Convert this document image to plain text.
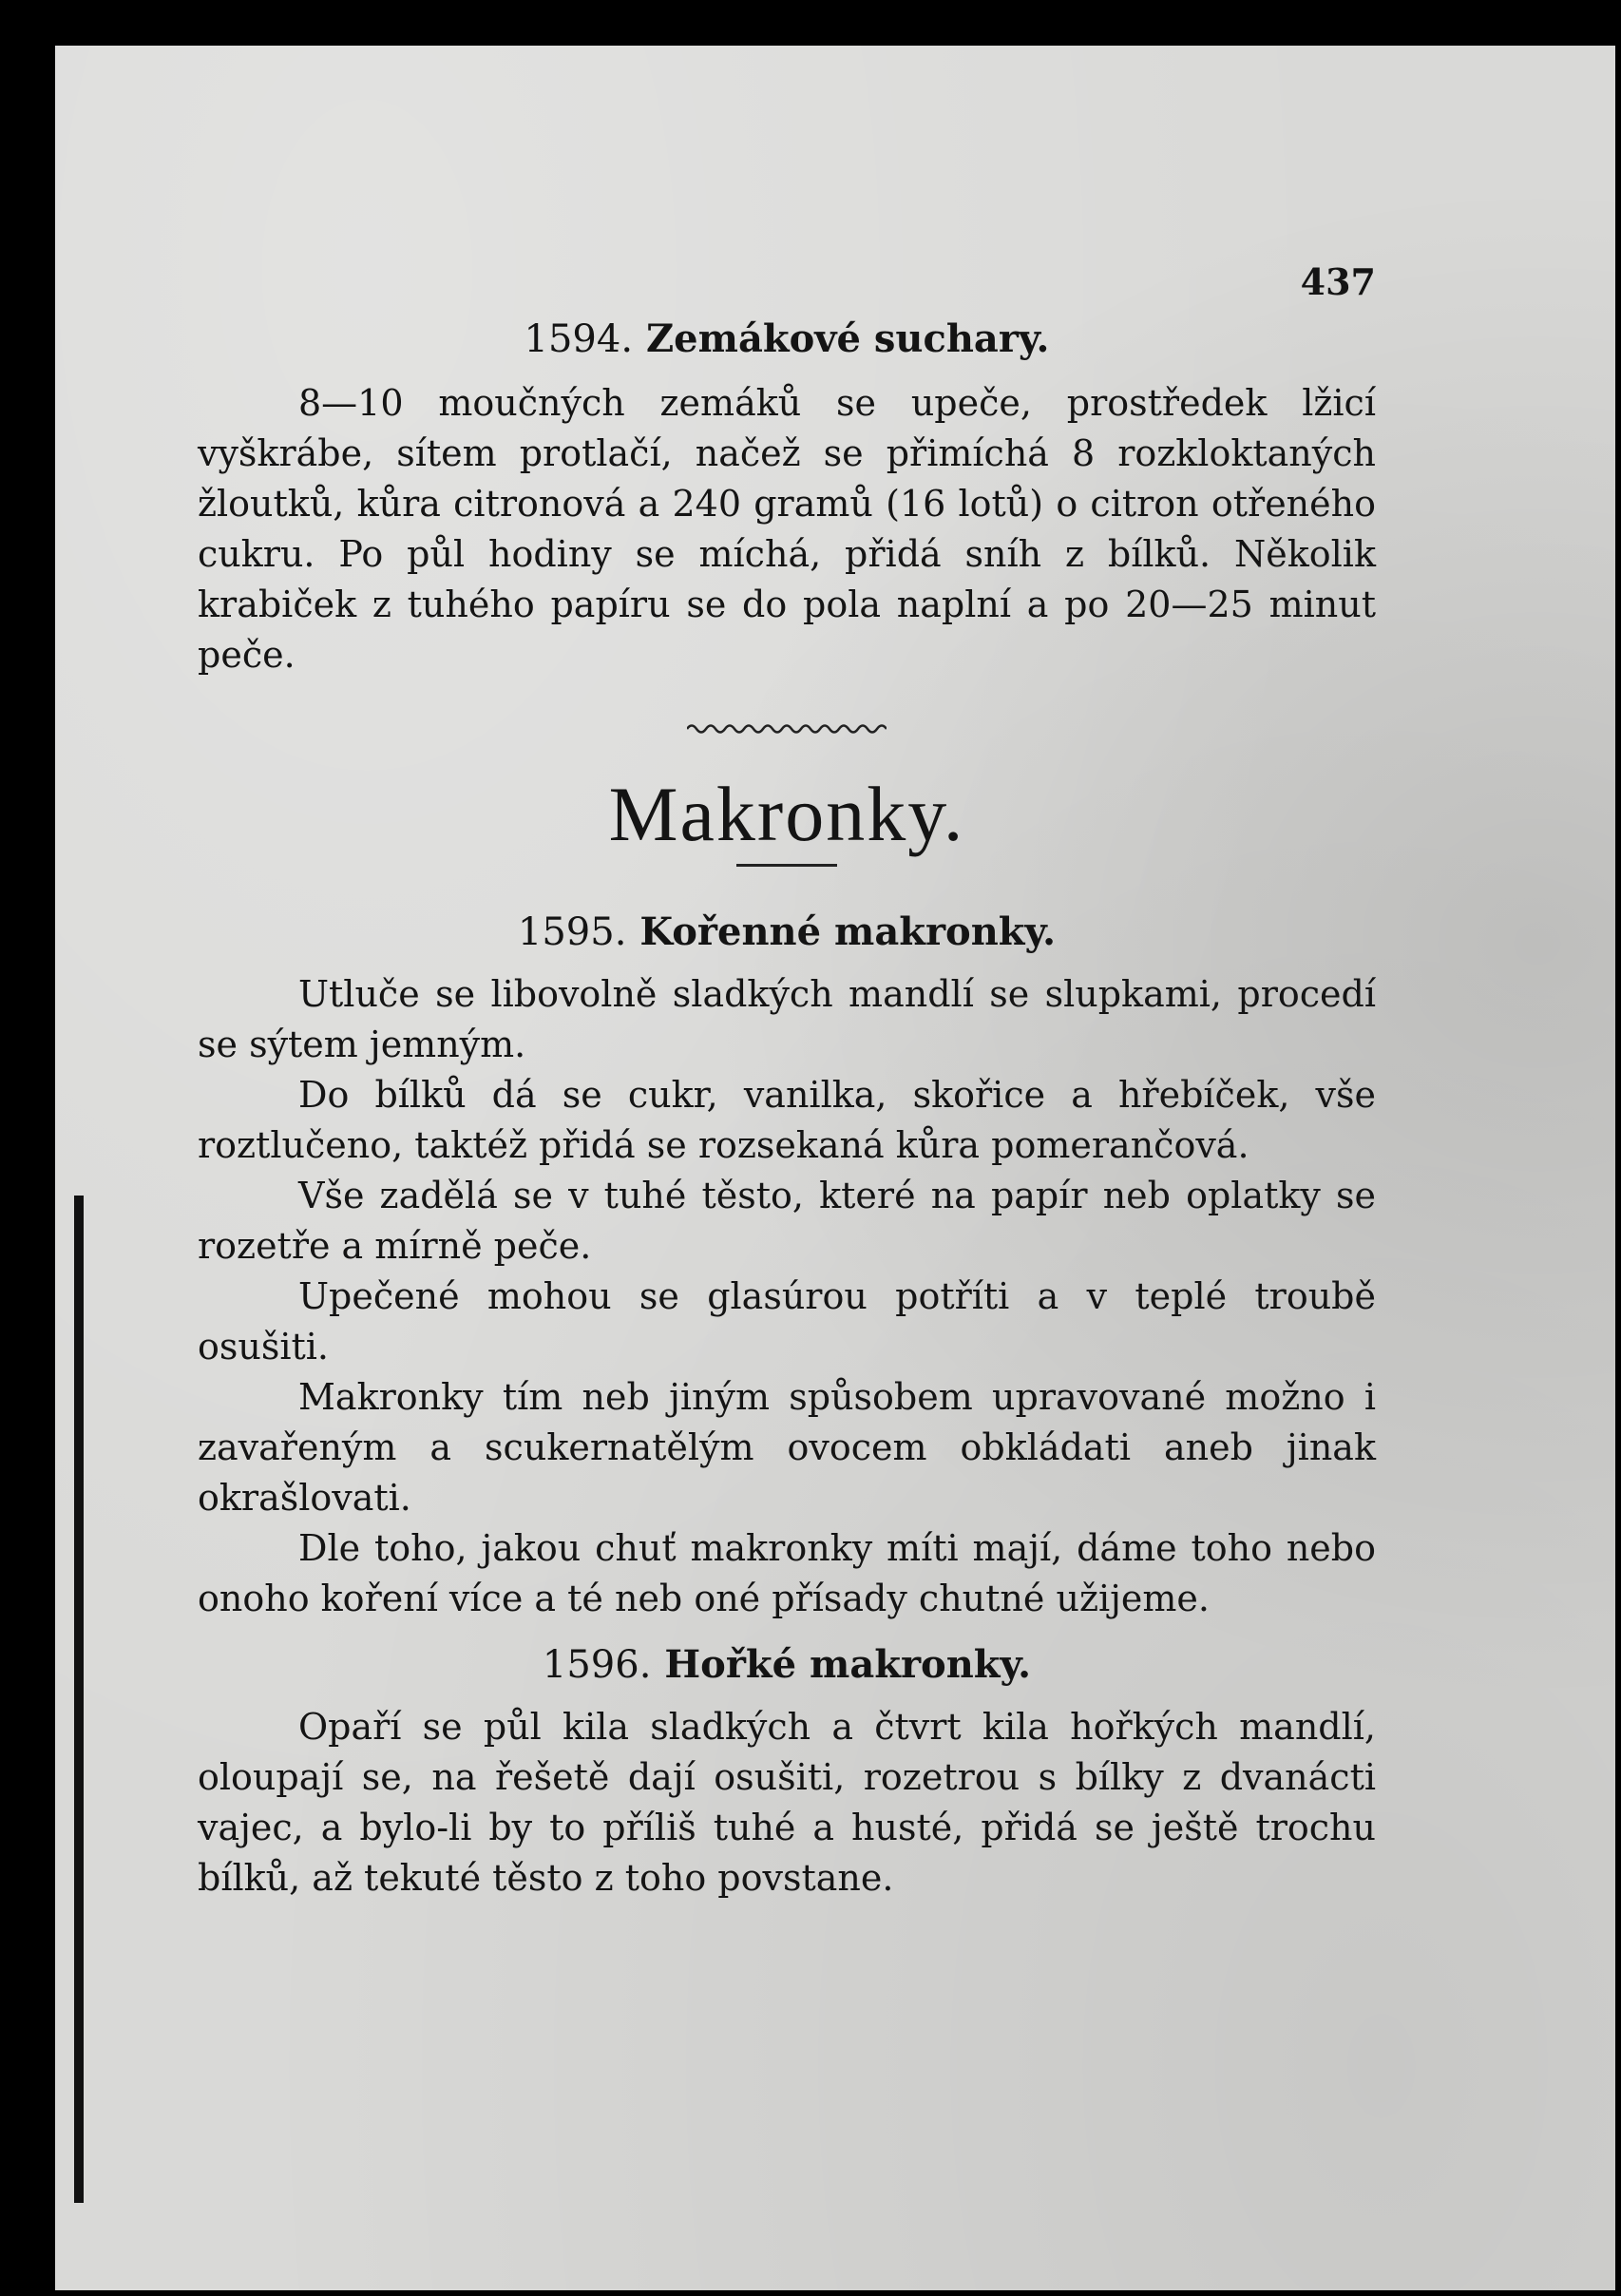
437
1594. Zemákové suchary.

8—10 moučných zemáků se upeče, prostředek lžicí vyškrábe, sítem protlačí, načež se přimíchá 8 rozkloktaných žloutků, kůra citronová a 240 gramů (16 lotů) o citron otřeného cukru. Po půl hodiny se míchá, přidá sníh z bílků. Několik krabiček z tuhého papíru se do pola naplní a po 20—25 minut peče.

Makronky.
1595. Kořenné makronky.

Utluče se libovolně sladkých mandlí se slupkami, procedí se sýtem jemným.

Do bílků dá se cukr, vanilka, skořice a hřebíček, vše roztlučeno, taktéž přidá se rozsekaná kůra pomerančová.

Vše zadělá se v tuhé těsto, které na papír neb oplatky se rozetře a mírně peče.

Upečené mohou se glasúrou potříti a v teplé troubě osušiti.

Makronky tím neb jiným spůsobem upravované možno i zavařeným a scukernatělým ovocem obkládati aneb jinak okrašlovati.

Dle toho, jakou chuť makronky míti mají, dáme toho nebo onoho koření více a té neb oné přísady chutné užijeme.

1596. Hořké makronky.

Opaří se půl kila sladkých a čtvrt kila hořkých mandlí, oloupají se, na řešetě dají osušiti, rozetrou s bílky z dvanácti vajec, a bylo-li by to příliš tuhé a husté, přidá se ještě trochu bílků, až tekuté těsto z toho povstane.
